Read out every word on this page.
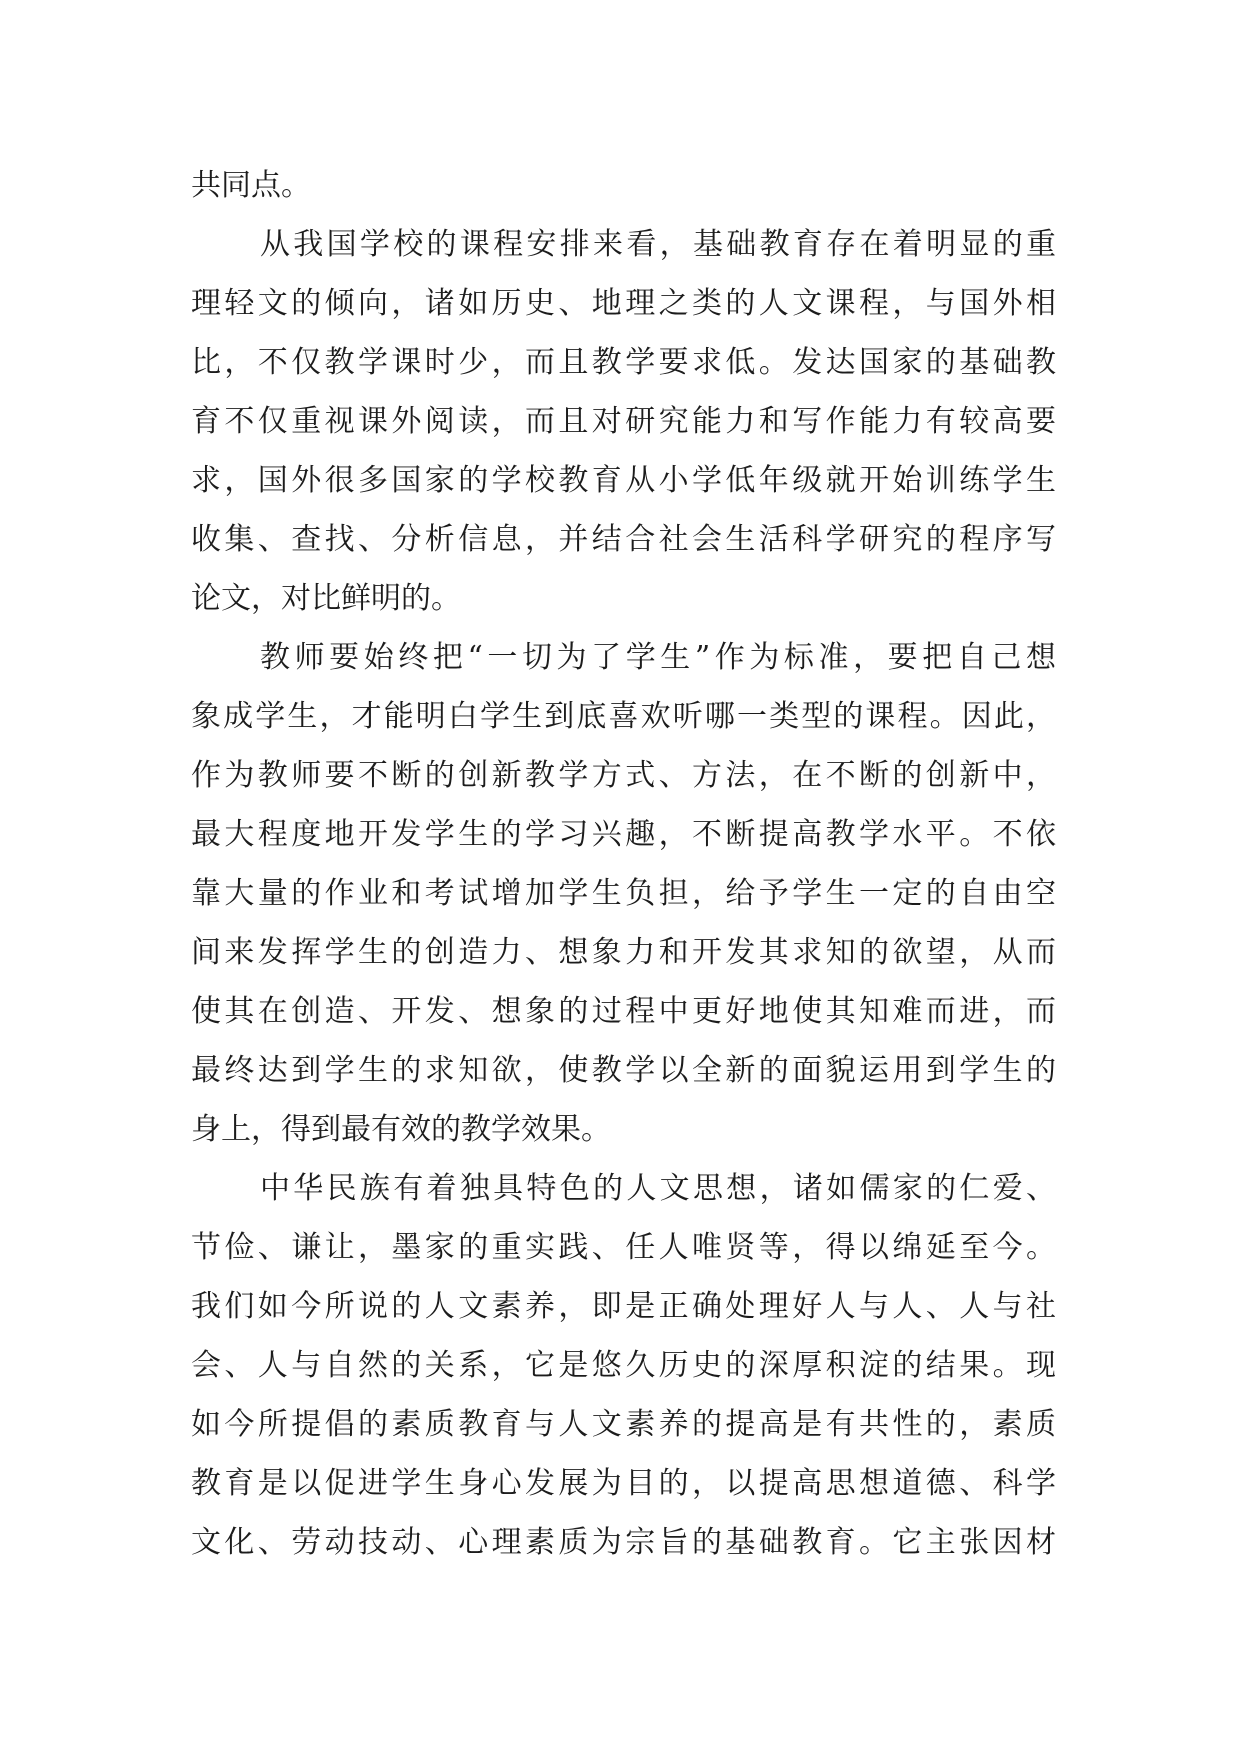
共同点。
从我国学校的课程安排来看，基础教育存在着明显的重
理轻文的倾向，诸如历史、地理之类的人文课程，与国外相
比，不仅教学课时少，而且教学要求低。发达国家的基础教
育不仅重视课外阅读，而且对研究能力和写作能力有较高要
求，国外很多国家的学校教育从小学低年级就开始训练学生
收集、查找、分析信息，并结合社会生活科学研究的程序写
论文，对比鲜明的。
教师要始终把“一切为了学生”作为标准，要把自己想
象成学生，才能明白学生到底喜欢听哪一类型的课程。因此，
作为教师要不断的创新教学方式、方法，在不断的创新中，
最大程度地开发学生的学习兴趣，不断提高教学水平。不依
靠大量的作业和考试增加学生负担，给予学生一定的自由空
间来发挥学生的创造力、想象力和开发其求知的欲望，从而
使其在创造、开发、想象的过程中更好地使其知难而进，而
最终达到学生的求知欲，使教学以全新的面貌运用到学生的
身上，得到最有效的教学效果。
中华民族有着独具特色的人文思想，诸如儒家的仁爱、
节俭、谦让，墨家的重实践、任人唯贤等，得以绵延至今。
我们如今所说的人文素养，即是正确处理好人与人、人与社
会、人与自然的关系，它是悠久历史的深厚积淀的结果。现
如今所提倡的素质教育与人文素养的提高是有共性的，素质
教育是以促进学生身心发展为目的，以提高思想道德、科学
文化、劳动技动、心理素质为宗旨的基础教育。它主张因材
